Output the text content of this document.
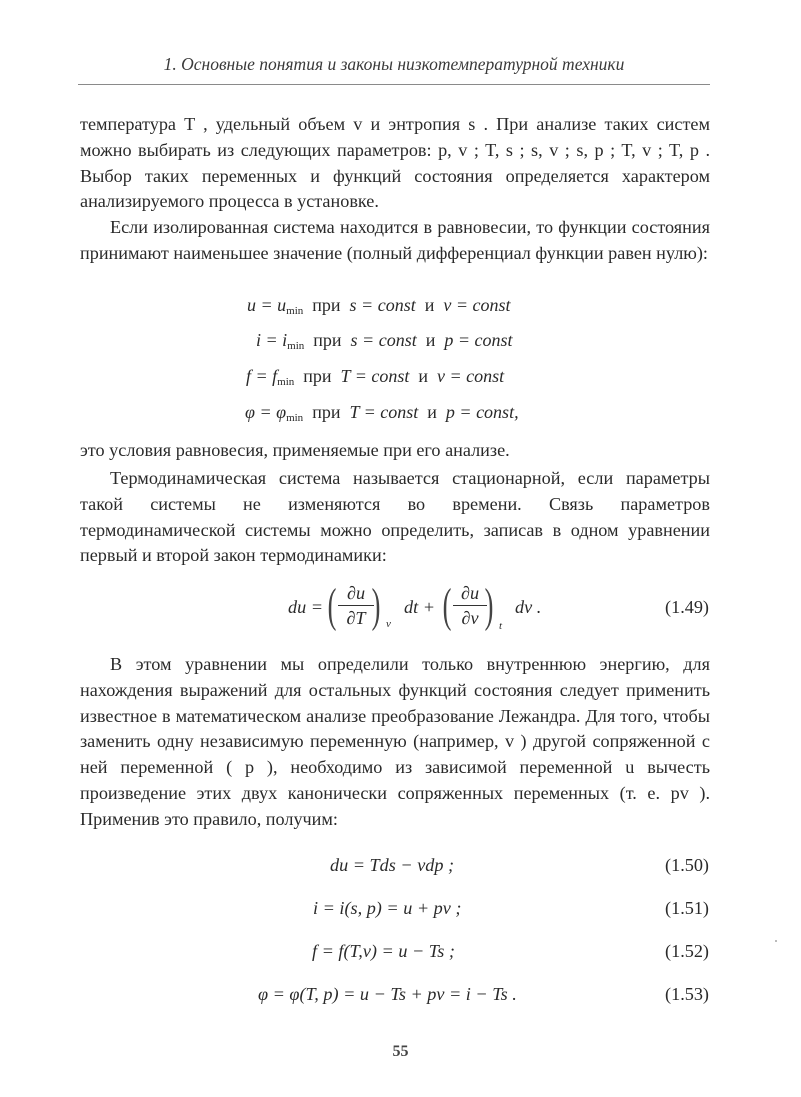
1. Основные понятия и законы низкотемпературной техники

температура T , удельный объем v и энтропия s . При анализе таких систем можно выбирать из следующих параметров: p, v ; T, s ; s, v ; s, p ; T, v ; T, p . Выбор таких переменных и функций состояния определяется характером анализируемого процесса в установке.

Если изолированная система находится в равновесии, то функции состояния принимают наименьшее значение (полный дифференциал функции равен нулю):

$u = u_{min}$ при s = const и v = const
$i = i_{min}$ при s = const и p = const
$f = f_{min}$ при T = const и v = const
$\varphi = \varphi_{min}$ при T = const и p = const,

это условия равновесия, применяемые при его анализе.

Термодинамическая система называется стационарной, если параметры такой системы не изменяются во времени. Связь параметров термодинамической системы можно определить, записав в одном уравнении первый и второй закон термодинамики:

du = ( ∂u
∂T ) v
dt + ( ∂u
∂v ) t
dv .	(1.49)

В этом уравнении мы определили только внутреннюю энергию, для нахождения выражений для остальных функций состояния следует применить известное в математическом анализе преобразование Лежандра. Для того, чтобы заменить одну независимую переменную (например, v ) другой сопряженной с ней переменной ( p ), необходимо из зависимой переменной u вычесть произведение этих двух канонически сопряженных переменных (т. е. pv ). Применив это правило, получим:

du = Tds − vdp ;	(1.50)
i = i(s, p) = u + pv ;	(1.51)
f = f(T,v) = u − Ts ;	(1.52)
φ = φ(T, p) = u − Ts + pv = i − Ts .	(1.53)
55
